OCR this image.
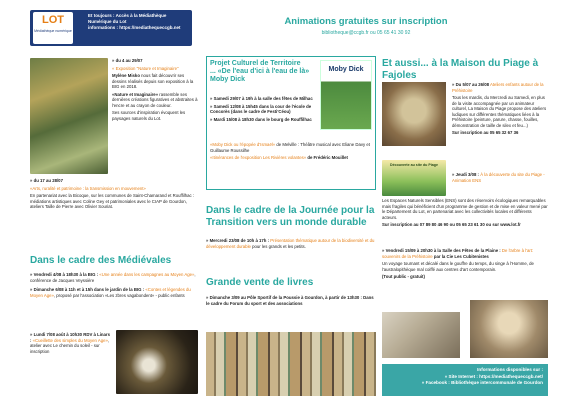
LOT
Médiathèque numérique
Et toujours : Accès à la Médiathèque
Numérique du Lot
informations : https://mediathequeccgb.net
Animations gratuites sur inscription
bibliotheque@ccgb.fr ou 05 65 41 30 92

» du 4 au 29/07

« Exposition "Nature et Imaginaire"

Mylène Misko nous fait découvrir ses dessins réalisés depuis son exposition à la BIG en 2018.

«Nature et Imaginaire» rassemble ses dernières créations figuratives et abstraites à l'encre et au crayon de couleur.

Ses sources d'inspiration évoquent les paysages naturels du Lot.

» du 17 au 28/07

«Arts, ruralité et patrimoine : la transmission en mouvement»

En partenariat avec la Bicoque, sur les communes de Saint-Chamarand et Rouffilhac : médiations artistiques avec Coline Gey et patrimoniales avec le CIAP de Gourdon, ateliers Taille de Pierre avec Olivier Souriat.

Dans le cadre des Médiévales

» Vendredi 4/08 à 18h30 à la BIG : «Une année dans les campagnes au Moyen Age», conférence de Jacques Veyssière

» Dimanche 6/08 à 11h et à 15h dans le jardin de la BIG : «Contes et légendes du Moyen Age», proposé par l'association «Les zbres vagabondent» - public enfants

» Lundi 7/08 août à 10h30 RDV à Linars : «Cueillette des simples du Moyen Age», atelier avec Le chemin du soleil - sur inscription

Projet Culturel de Territoire
... «De l'eau d'ici à l'eau de là»
Moby Dick
Moby Dick

» Samedi 29/07 à 19h à la salle des fêtes de Milhac

» Samedi 12/08 à 15h45 dans la cour de l'école de Concorès (dans le cadre de Festi'Céou)

» Mardi 15/08 à 18h30 dans le bourg de Rouffilhac

«Moby Dick ou l'épopée d'Ismaël» de Melville : Théâtre musical avec Eliane Davy et Guillaume Roussilhe

«Itinérances de l'exposition Les Rivières volantes» de Frédéric Mouillet

Dans le cadre de la Journée pour la Transition vers un monde durable

» Mercredi 23/08 de 10h à 17h : Présentation thématique autour de la biodiversité et du développement durable pour les grands et les petits.

Grande vente de livres

» Dimanche 3/09 au Pôle Sportif de la Poussie à Gourdon, à partir de 13h30 : Dans le cadre du Forum du sport et des associations

Et aussi... à la Maison du Piage à Fajoles

» Du 5/07 au 26/08 Ateliers enfants autour de la Préhistoire

Tous les mardis, du Mercredi au Samedi, en plus de la visite accompagnée par un animateur culturel, La Maison du Piage propose des ateliers ludiques sur différentes thématiques liées à la Préhistoire (peinture, parure, chasse, fouilles, démonstration de taille de silex et feu...)

Sur inscription au 05 65 32 67 36

Découverte au site du Piage

» Jeudi 3/08 : À la découverte du site du Piage - Animation ENS

Les Espaces Naturels Sensibles (ENS) sont des réservoirs écologiques remarquables mais fragiles qui bénéficient d'un programme de gestion et de mise en valeur mené par le Département du Lot, en partenariat avec les collectivités locales et différents acteurs.

Sur inscription au 07 89 80 46 90 ou 05 65 23 61 30 ou sur www.lot.fr

» Vendredi 15/09 à 20h30 à la Salle des Fêtes de la Plaine : De l'arbre à l'art: souvenirs de la Préhistoire par la Cie Les Cubitenistes

Un voyage tournant et décalé dans le gouffre du temps, du singe à l'Homme, de l'australopithèque mal coiffé aux centres d'art contemporain.

(Tout public - gratuit)

Informations disponibles sur :
» Site Internet : https://mediathequeccgb.net/
» Facebook : Bibliothèque intercommunale de Gourdon
